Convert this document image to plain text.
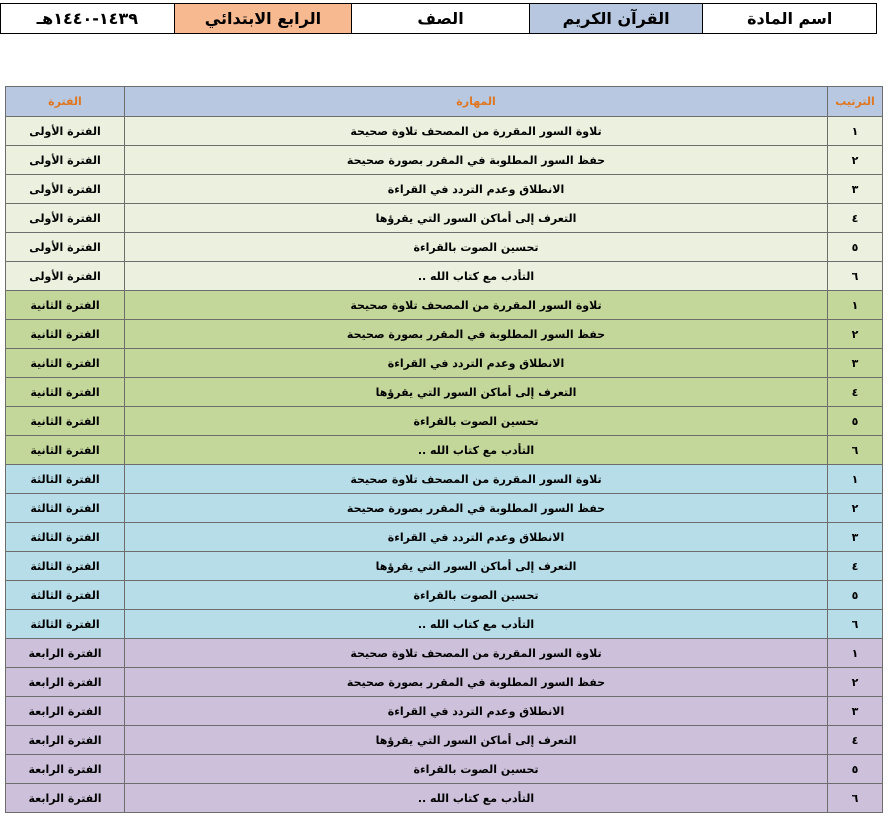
اسم المادة	القرآن الكريم	الصف	الرابع الابتدائي	١٤٣٩-١٤٤٠هـ
الترتيب	المهارة	الفترة
١	تلاوة السور المقررة من المصحف تلاوة صحيحة	الفترة الأولى
٢	حفظ السور المطلوبة في المقرر بصورة صحيحة	الفترة الأولى
٣	الانطلاق وعدم التردد في القراءة	الفترة الأولى
٤	التعرف إلى أماكن السور التي يقرؤها	الفترة الأولى
٥	تحسين الصوت بالقراءة	الفترة الأولى
٦	التأدب مع كتاب الله ..	الفترة الأولى
١	تلاوة السور المقررة من المصحف تلاوة صحيحة	الفترة الثانية
٢	حفظ السور المطلوبة في المقرر بصورة صحيحة	الفترة الثانية
٣	الانطلاق وعدم التردد في القراءة	الفترة الثانية
٤	التعرف إلى أماكن السور التي يقرؤها	الفترة الثانية
٥	تحسين الصوت بالقراءة	الفترة الثانية
٦	التأدب مع كتاب الله ..	الفترة الثانية
١	تلاوة السور المقررة من المصحف تلاوة صحيحة	الفترة الثالثة
٢	حفظ السور المطلوبة في المقرر بصورة صحيحة	الفترة الثالثة
٣	الانطلاق وعدم التردد في القراءة	الفترة الثالثة
٤	التعرف إلى أماكن السور التي يقرؤها	الفترة الثالثة
٥	تحسين الصوت بالقراءة	الفترة الثالثة
٦	التأدب مع كتاب الله ..	الفترة الثالثة
١	تلاوة السور المقررة من المصحف تلاوة صحيحة	الفترة الرابعة
٢	حفظ السور المطلوبة في المقرر بصورة صحيحة	الفترة الرابعة
٣	الانطلاق وعدم التردد في القراءة	الفترة الرابعة
٤	التعرف إلى أماكن السور التي يقرؤها	الفترة الرابعة
٥	تحسين الصوت بالقراءة	الفترة الرابعة
٦	التأدب مع كتاب الله ..	الفترة الرابعة
